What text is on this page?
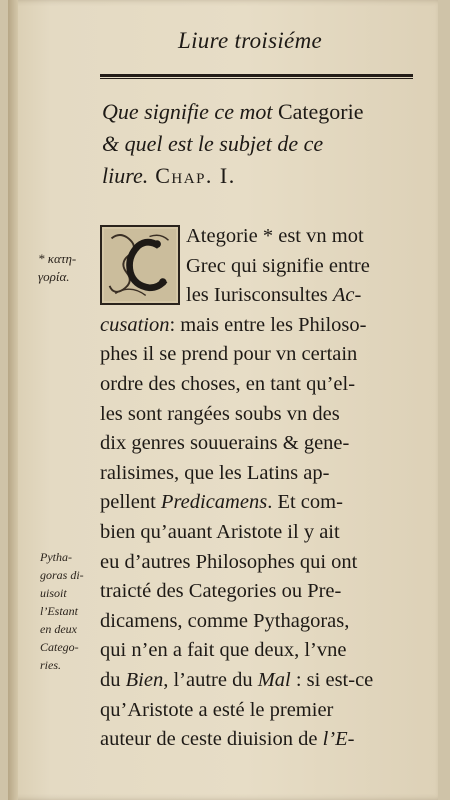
Liure troisiéme
Que signifie ce mot Categorie
& quel est le subjet de ce
liure. Chap. I.
* κατη-
γορία.
Ategorie * est vn mot
Grec qui signifie entre
les Iurisconsultes Ac-
cusation: mais entre les Philoso-
phes il se prend pour vn certain
ordre des choses, en tant qu’el-
les sont rangées soubs vn des
dix genres souuerains & gene-
ralisimes, que les Latins ap-
pellent Predicamens. Et com-
bien qu’auant Aristote il y ait
eu d’autres Philosophes qui ont
traicté des Categories ou Pre-
dicamens, comme Pythagoras,
qui n’en a fait que deux, l’vne
du Bien, l’autre du Mal : si est-ce
qu’Aristote a esté le premier
auteur de ceste diuision de l’E-
Pytha-
goras di-
uisoit
l’Estant
en deux
Catego-
ries.
